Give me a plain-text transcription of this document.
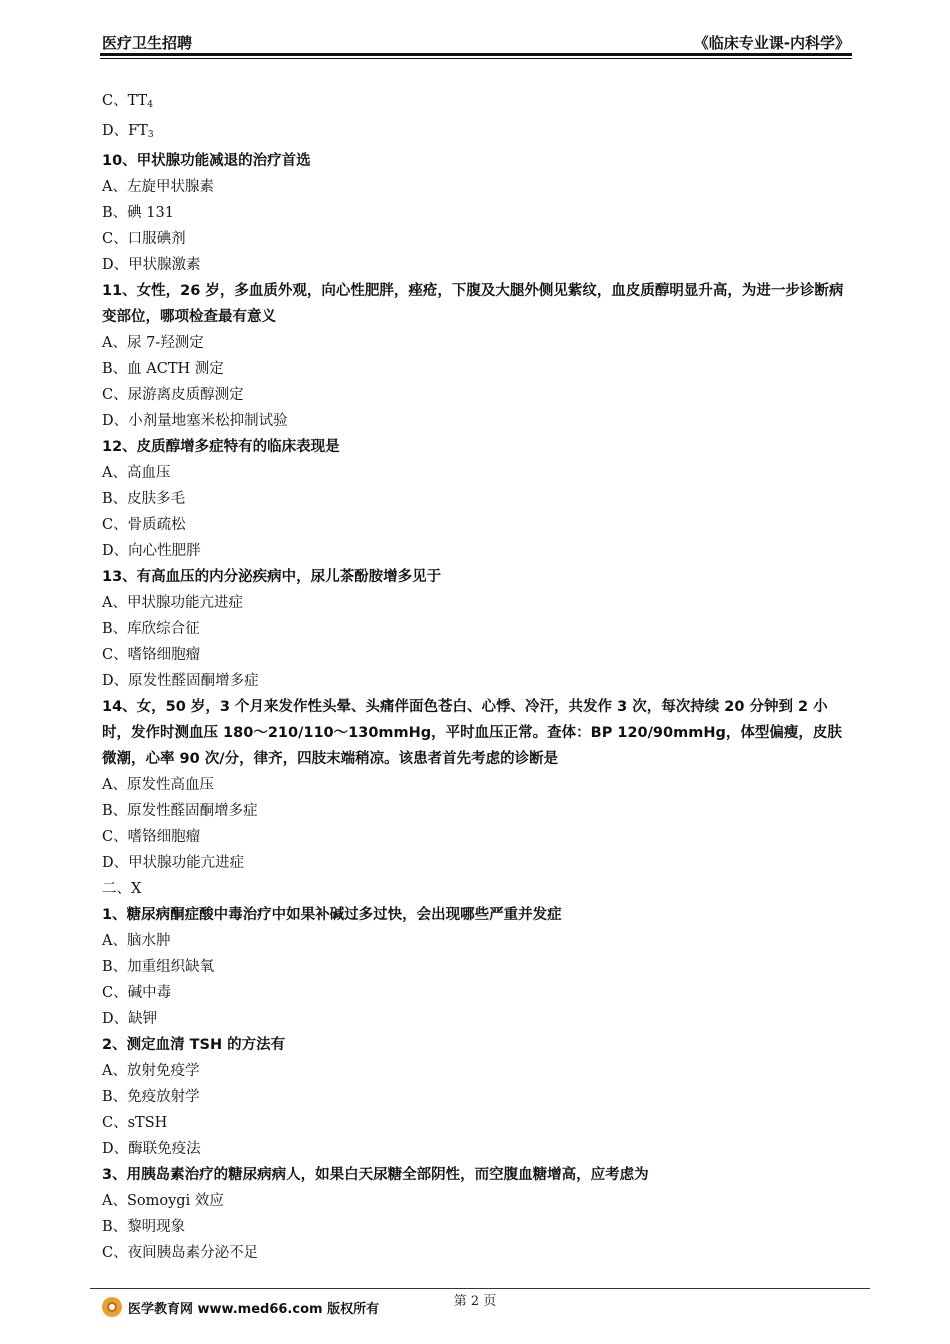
医疗卫生招聘	《临床专业课-内科学》
C、$TT_4$
D、$FT_3$
10、甲状腺功能减退的治疗首选
A、左旋甲状腺素
B、碘 131
C、口服碘剂
D、甲状腺激素
11、女性，26 岁，多血质外观，向心性肥胖，痤疮，下腹及大腿外侧见紫纹，血皮质醇明显升高，为进一步诊断病变部位，哪项检查最有意义
A、尿 7-羟测定
B、血 ACTH 测定
C、尿游离皮质醇测定
D、小剂量地塞米松抑制试验
12、皮质醇增多症特有的临床表现是
A、高血压
B、皮肤多毛
C、骨质疏松
D、向心性肥胖
13、有高血压的内分泌疾病中，尿儿茶酚胺增多见于
A、甲状腺功能亢进症
B、库欣综合征
C、嗜铬细胞瘤
D、原发性醛固酮增多症
14、女，50 岁，3 个月来发作性头晕、头痛伴面色苍白、心悸、冷汗，共发作 3 次，每次持续 20 分钟到 2 小时，发作时测血压 180～210/110～130mmHg，平时血压正常。查体：BP 120/90mmHg，体型偏瘦，皮肤微潮，心率 90 次/分，律齐，四肢末端稍凉。该患者首先考虑的诊断是
A、原发性高血压
B、原发性醛固酮增多症
C、嗜铬细胞瘤
D、甲状腺功能亢进症
二、X
1、糖尿病酮症酸中毒治疗中如果补碱过多过快，会出现哪些严重并发症
A、脑水肿
B、加重组织缺氧
C、碱中毒
D、缺钾
2、测定血清 TSH 的方法有
A、放射免疫学
B、免疫放射学
C、sTSH
D、酶联免疫法
3、用胰岛素治疗的糖尿病病人，如果白天尿糖全部阴性，而空腹血糖增高，应考虑为
A、Somoygi 效应
B、黎明现象
C、夜间胰岛素分泌不足
第 2 页
医学教育网 www.med66.com 版权所有
